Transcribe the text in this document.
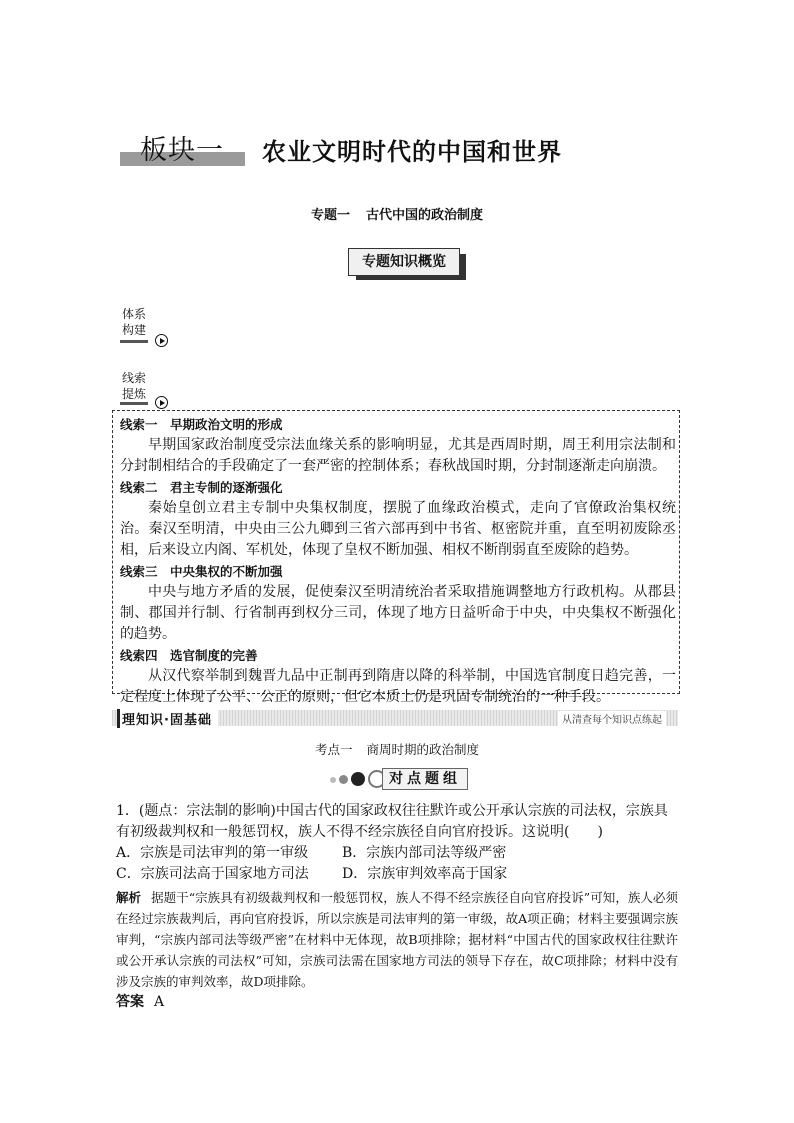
板块一 农业文明时代的中国和世界
专题一 古代中国的政治制度
专题知识概览
体系
构建
线索
提炼
线索一　早期政治文明的形成

早期国家政治制度受宗法血缘关系的影响明显，尤其是西周时期，周王利用宗法制和分封制相结合的手段确定了一套严密的控制体系；春秋战国时期，分封制逐渐走向崩溃。

线索二　君主专制的逐渐强化

秦始皇创立君主专制中央集权制度，摆脱了血缘政治模式，走向了官僚政治集权统治。秦汉至明清，中央由三公九卿到三省六部再到中书省、枢密院并重，直至明初废除丞相，后来设立内阁、军机处，体现了皇权不断加强、相权不断削弱直至废除的趋势。

线索三　中央集权的不断加强

中央与地方矛盾的发展，促使秦汉至明清统治者采取措施调整地方行政机构。从郡县制、郡国并行制、行省制再到权分三司，体现了地方日益听命于中央，中央集权不断强化的趋势。

线索四　选官制度的完善

从汉代察举制到魏晋九品中正制再到隋唐以降的科举制，中国选官制度日趋完善，一定程度上体现了公平、公正的原则，但它本质上仍是巩固专制统治的一种手段。

理知识·固基础	从清查每个知识点练起
考点一 商周时期的政治制度
对点题组

1．(题点：宗法制的影响)中国古代的国家政权往往默许或公开承认宗族的司法权，宗族具有初级裁判权和一般惩罚权，族人不得不经宗族径自向官府投诉。这说明(　　)

A．宗族是司法审判的第一审级	B．宗族内部司法等级严密
C．宗族司法高于国家地方司法	D．宗族审判效率高于国家
解析 据题干“宗族具有初级裁判权和一般惩罚权，族人不得不经宗族径自向官府投诉”可知，族人必须在经过宗族裁判后，再向官府投诉，所以宗族是司法审判的第一审级，故A项正确；材料主要强调宗族审判，“宗族内部司法等级严密”在材料中无体现，故B项排除；据材料“中国古代的国家政权往往默许或公开承认宗族的司法权”可知，宗族司法需在国家地方司法的领导下存在，故C项排除；材料中没有涉及宗族的审判效率，故D项排除。
答案 A
